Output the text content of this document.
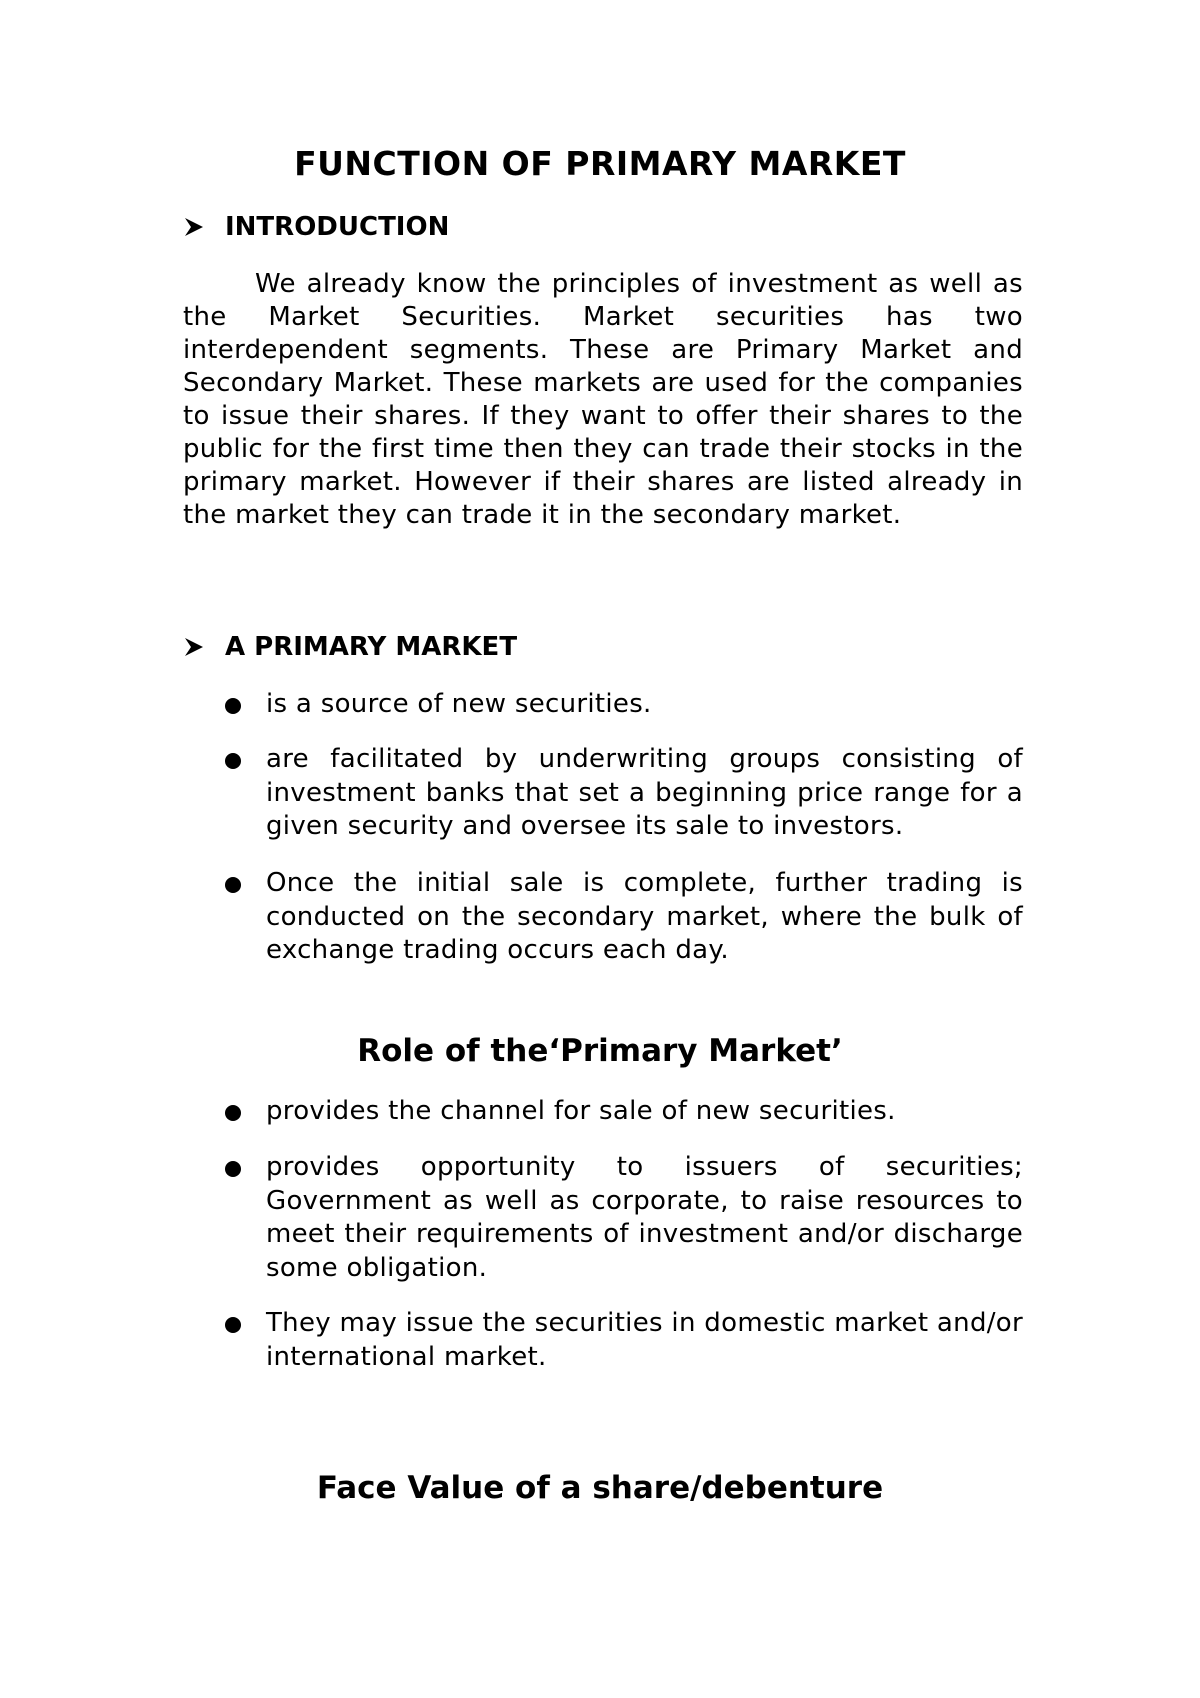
FUNCTION OF PRIMARY MARKET
INTRODUCTION

We already know the principles of investment as well as the Market Securities. Market securities has two interdependent segments. These are Primary Market and Secondary Market. These markets are used for the companies to issue their shares. If they want to offer their shares to the public for the first time then they can trade their stocks in the primary market. However if their shares are listed already in the market they can trade it in the secondary market.

A PRIMARY MARKET
is a source of new securities.
are facilitated by underwriting groups consisting of investment banks that set a beginning price range for a given security and oversee its sale to investors.
Once the initial sale is complete, further trading is conducted on the secondary market, where the bulk of exchange trading occurs each day.
Role of the‘Primary Market’
provides the channel for sale of new securities.
provides opportunity to issuers of securities; Government as well as corporate, to raise resources to meet their requirements of investment and/or discharge some obligation.
They may issue the securities in domestic market and/or international market.
Face Value of a share/debenture
